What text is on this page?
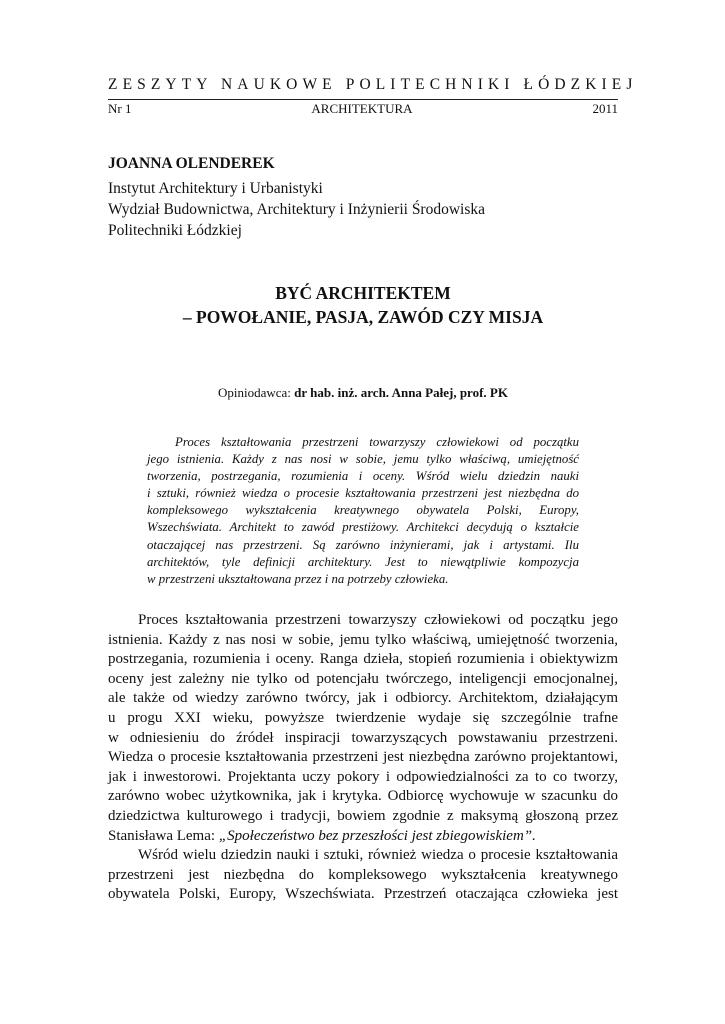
ZESZYTY NAUKOWE POLITECHNIKI ŁÓDZKIEJ
Nr 1	ARCHITEKTURA	2011
JOANNA OLENDEREK
Instytut Architektury i Urbanistyki
Wydział Budownictwa, Architektury i Inżynierii Środowiska
Politechniki Łódzkiej
BYĆ ARCHITEKTEM
– POWOŁANIE, PASJA, ZAWÓD CZY MISJA
Opiniodawca: dr hab. inż. arch. Anna Pałej, prof. PK
Proces kształtowania przestrzeni towarzyszy człowiekowi od początku
jego istnienia. Każdy z nas nosi w sobie, jemu tylko właściwą, umiejętność
tworzenia, postrzegania, rozumienia i oceny. Wśród wielu dziedzin nauki
i sztuki, również wiedza o procesie kształtowania przestrzeni jest niezbędna do
kompleksowego wykształcenia kreatywnego obywatela Polski, Europy,
Wszechświata. Architekt to zawód prestiżowy. Architekci decydują o kształcie
otaczającej nas przestrzeni. Są zarówno inżynierami, jak i artystami. Ilu
architektów, tyle definicji architektury. Jest to niewątpliwie kompozycja
w przestrzeni ukształtowana przez i na potrzeby człowieka.
Proces kształtowania przestrzeni towarzyszy człowiekowi od początku jego
istnienia. Każdy z nas nosi w sobie, jemu tylko właściwą, umiejętność tworzenia,
postrzegania, rozumienia i oceny. Ranga dzieła, stopień rozumienia i obiektywizm
oceny jest zależny nie tylko od potencjału twórczego, inteligencji emocjonalnej,
ale także od wiedzy zarówno twórcy, jak i odbiorcy. Architektom, działającym
u progu XXI wieku, powyższe twierdzenie wydaje się szczególnie trafne
w odniesieniu do źródeł inspiracji towarzyszących powstawaniu przestrzeni.
Wiedza o procesie kształtowania przestrzeni jest niezbędna zarówno projektantowi,
jak i inwestorowi. Projektanta uczy pokory i odpowiedzialności za to co tworzy,
zarówno wobec użytkownika, jak i krytyka. Odbiorcę wychowuje w szacunku do
dziedzictwa kulturowego i tradycji, bowiem zgodnie z maksymą głoszoną przez
Stanisława Lema: „Społeczeństwo bez przeszłości jest zbiegowiskiem”.
Wśród wielu dziedzin nauki i sztuki, również wiedza o procesie kształtowania
przestrzeni jest niezbędna do kompleksowego wykształcenia kreatywnego
obywatela Polski, Europy, Wszechświata. Przestrzeń otaczająca człowieka jest
